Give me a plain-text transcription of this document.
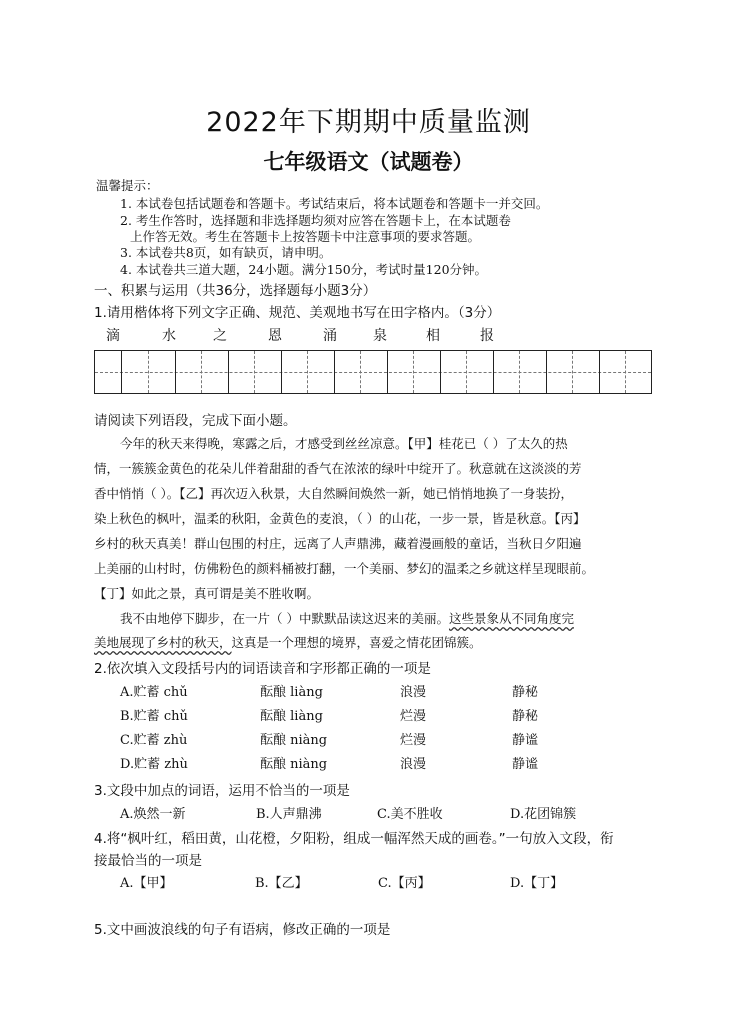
2022年下期期中质量监测
七年级语文（试题卷）
温馨提示：
1. 本试卷包括试题卷和答题卡。考试结束后，将本试题卷和答题卡一并交回。
2. 考生作答时，选择题和非选择题均须对应答在答题卡上，在本试题卷
上作答无效。考生在答题卡上按答题卡中注意事项的要求答题。
3. 本试卷共8页，如有缺页，请申明。
4. 本试卷共三道大题，24小题。满分150分，考试时量120分钟。
一、积累与运用（共36分，选择题每小题3分）
1.请用楷体将下列文字正确、规范、美观地书写在田字格内。（3分）
滴	水	之	恩	涌	泉	相	报
请阅读下列语段，完成下面小题。
今年的秋天来得晚，寒露之后，才感受到丝丝凉意。【甲】桂花已（ ）了太久的热
情，一簇簇金黄色的花朵儿伴着甜甜的香气在浓浓的绿叶中绽开了。秋意就在这淡淡的芳
香中悄悄（ ）。【乙】再次迈入秋景，大自然瞬间焕然一新，她已悄悄地换了一身装扮，
染上秋色的枫叶，温柔的秋阳，金黄色的麦浪，（ ）的山花，一步一景，皆是秋意。【丙】
乡村的秋天真美！群山包围的村庄，远离了人声鼎沸，藏着漫画般的童话，当秋日夕阳遍
上美丽的山村时，仿佛粉色的颜料桶被打翻，一个美丽、梦幻的温柔之乡就这样呈现眼前。
【丁】如此之景，真可谓是美不胜收啊。
我不由地停下脚步，在一片（ ）中默默品读这迟来的美丽。这些景象从不同角度完
美地展现了乡村的秋天，这真是一个理想的境界，喜爱之情花团锦簇。
2.依次填入文段括号内的词语读音和字形都正确的一项是
A.贮蓄 chǔ	酝酿 liàng	浪漫	静秘
B.贮蓄 chǔ	酝酿 liàng	烂漫	静秘
C.贮蓄 zhù	酝酿 niàng	烂漫	静谧
D.贮蓄 zhù	酝酿 niàng	浪漫	静谧
3.文段中加点的词语，运用不恰当的一项是
A.焕然一新	B.人声鼎沸	C.美不胜收	D.花团锦簇
4.将“枫叶红，稻田黄，山花橙，夕阳粉，组成一幅浑然天成的画卷。”一句放入文段，衔
接最恰当的一项是
A.【甲】	B.【乙】	C.【丙】	D.【丁】
5.文中画波浪线的句子有语病，修改正确的一项是
